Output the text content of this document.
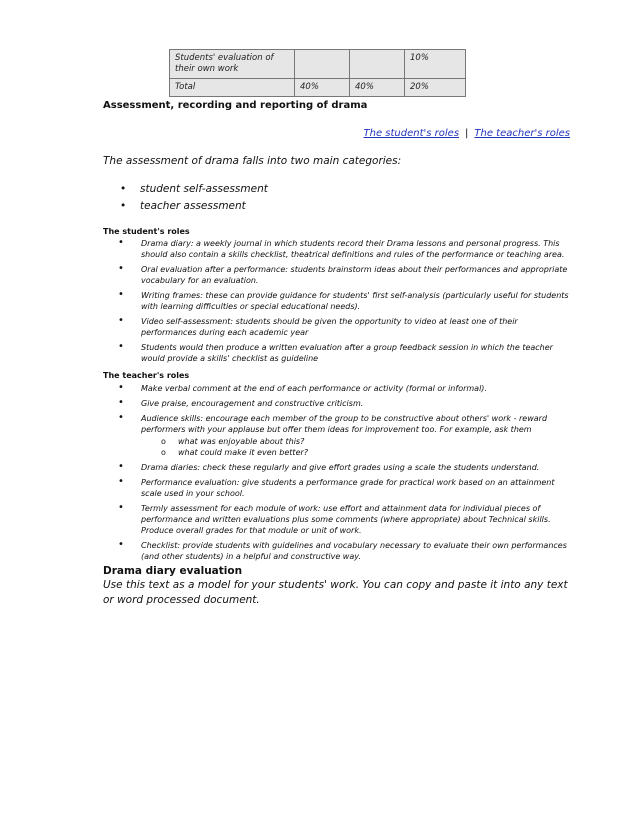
Students' evaluation of their own work			10%
Total	40%	40%	20%
Assessment, recording and reporting of drama
The student's roles | The teacher's roles
The assessment of drama falls into two main categories:
• student self-assessment
• teacher assessment
The student's roles
• Drama diary: a weekly journal in which students record their Drama lessons and personal progress. This should also contain a skills checklist, theatrical definitions and rules of the performance or teaching area.
• Oral evaluation after a performance: students brainstorm ideas about their performances and appropriate vocabulary for an evaluation.
• Writing frames: these can provide guidance for students' first self-analysis (particularly useful for students with learning difficulties or special educational needs).
• Video self-assessment: students should be given the opportunity to video at least one of their performances during each academic year
• Students would then produce a written evaluation after a group feedback session in which the teacher would provide a skills' checklist as guideline
The teacher's roles
• Make verbal comment at the end of each performance or activity (formal or informal).
• Give praise, encouragement and constructive criticism.
• Audience skills: encourage each member of the group to be constructive about others' work - reward performers with your applause but offer them ideas for improvement too. For example, ask them
o what was enjoyable about this?
o what could make it even better?
• Drama diaries: check these regularly and give effort grades using a scale the students understand.
• Performance evaluation: give students a performance grade for practical work based on an attainment scale used in your school.
• Termly assessment for each module of work: use effort and attainment data for individual pieces of performance and written evaluations plus some comments (where appropriate) about Technical skills. Produce overall grades for that module or unit of work.
• Checklist: provide students with guidelines and vocabulary necessary to evaluate their own performances (and other students) in a helpful and constructive way.
Drama diary evaluation
Use this text as a model for your students' work. You can copy and paste it into any text or word processed document.
